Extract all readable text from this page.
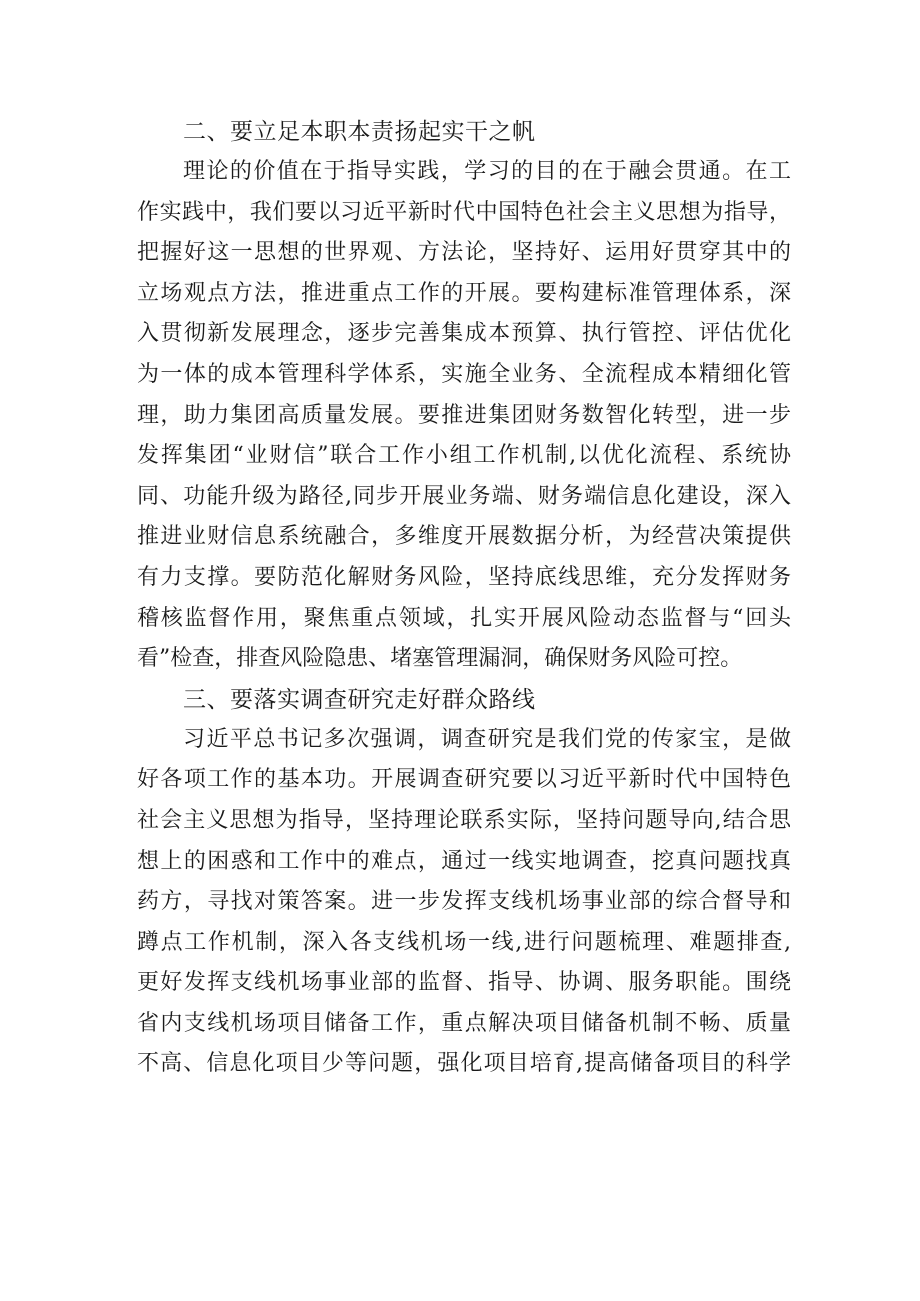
二、要立足本职本责扬起实干之帆
理论的价值在于指导实践，学习的目的在于融会贯通。在工
作实践中，我们要以习近平新时代中国特色社会主义思想为指导，
把握好这一思想的世界观、方法论，坚持好、运用好贯穿其中的
立场观点方法，推进重点工作的开展。要构建标准管理体系，深
入贯彻新发展理念，逐步完善集成本预算、执行管控、评估优化
为一体的成本管理科学体系，实施全业务、全流程成本精细化管
理，助力集团高质量发展。要推进集团财务数智化转型，进一步
发挥集团“业财信”联合工作小组工作机制,以优化流程、系统协
同、功能升级为路径,同步开展业务端、财务端信息化建设，深入
推进业财信息系统融合，多维度开展数据分析，为经营决策提供
有力支撑。要防范化解财务风险，坚持底线思维，充分发挥财务
稽核监督作用，聚焦重点领域，扎实开展风险动态监督与“回头
看”检查，排查风险隐患、堵塞管理漏洞，确保财务风险可控。
三、要落实调查研究走好群众路线
习近平总书记多次强调，调查研究是我们党的传家宝，是做
好各项工作的基本功。开展调查研究要以习近平新时代中国特色
社会主义思想为指导，坚持理论联系实际，坚持问题导向,结合思
想上的困惑和工作中的难点，通过一线实地调查，挖真问题找真
药方，寻找对策答案。进一步发挥支线机场事业部的综合督导和
蹲点工作机制，深入各支线机场一线,进行问题梳理、难题排查,
更好发挥支线机场事业部的监督、指导、协调、服务职能。围绕
省内支线机场项目储备工作，重点解决项目储备机制不畅、质量
不高、信息化项目少等问题，强化项目培育,提高储备项目的科学
